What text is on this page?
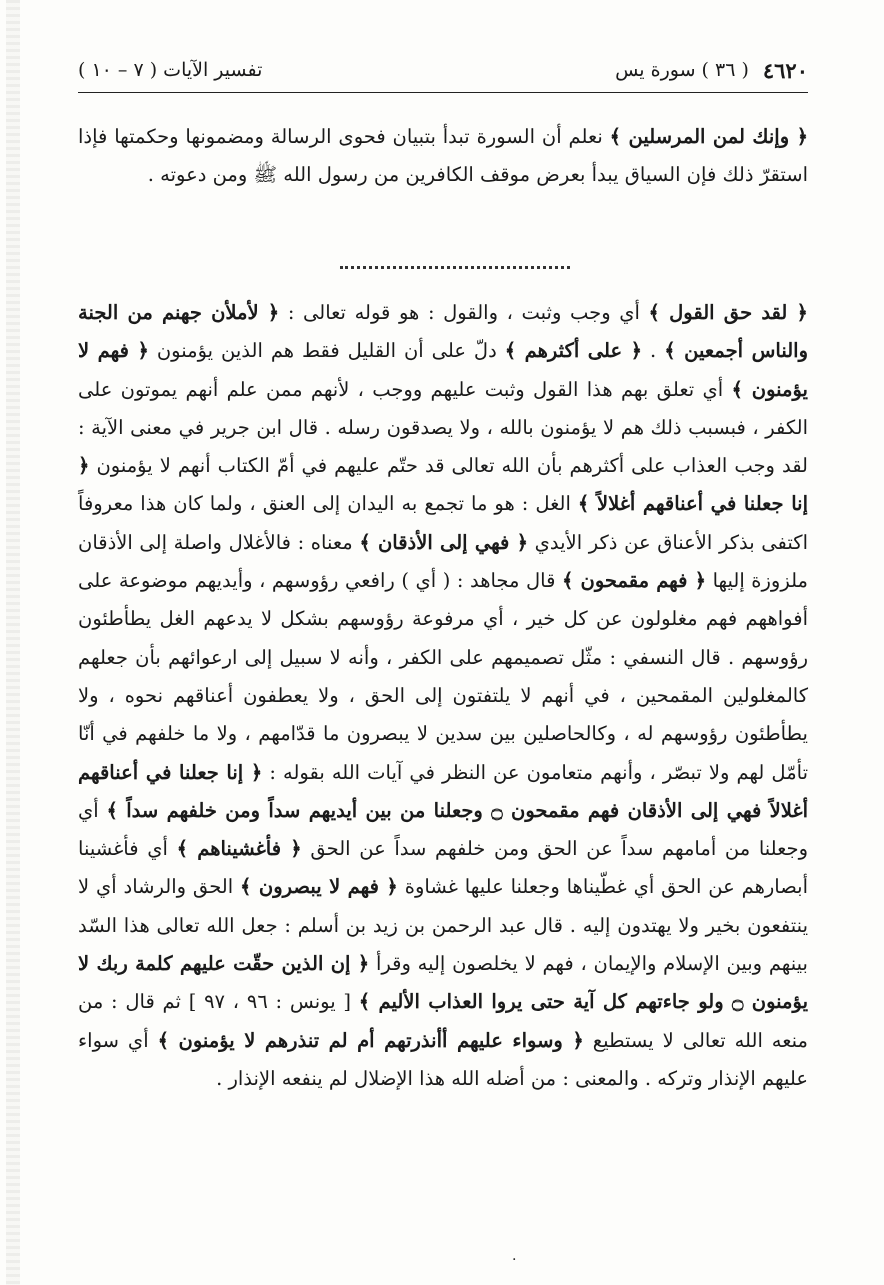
٤٦٢٠
( ٣٦ ) سورة يس
تفسير الآيات ( ٧ – ١٠ )
﴿ وإنك لمن المرسلين ﴾ نعلم أن السورة تبدأ بتبيان فحوى الرسالة ومضمونها وحكمتها فإذا استقرّ ذلك فإن السياق يبدأ بعرض موقف الكافرين من رسول الله ﷺ ومن دعوته .
﴿ لقد حق القول ﴾ أي وجب وثبت ، والقول : هو قوله تعالى : ﴿ لأملأن جهنم من الجنة والناس أجمعين ﴾ . ﴿ على أكثرهم ﴾ دلّ على أن القليل فقط هم الذين يؤمنون ﴿ فهم لا يؤمنون ﴾ أي تعلق بهم هذا القول وثبت عليهم ووجب ، لأنهم ممن علم أنهم يموتون على الكفر ، فبسبب ذلك هم لا يؤمنون بالله ، ولا يصدقون رسله . قال ابن جرير في معنى الآية : لقد وجب العذاب على أكثرهم بأن الله تعالى قد حتّم عليهم في أمّ الكتاب أنهم لا يؤمنون ﴿ إنا جعلنا في أعناقهم أغلالاً ﴾ الغل : هو ما تجمع به اليدان إلى العنق ، ولما كان هذا معروفاً اكتفى بذكر الأعناق عن ذكر الأيدي ﴿ فهي إلى الأذقان ﴾ معناه : فالأغلال واصلة إلى الأذقان ملزوزة إليها ﴿ فهم مقمحون ﴾ قال مجاهد : ( أي ) رافعي رؤوسهم ، وأيديهم موضوعة على أفواههم فهم مغلولون عن كل خير ، أي مرفوعة رؤوسهم بشكل لا يدعهم الغل يطأطئون رؤوسهم . قال النسفي : مثّل تصميمهم على الكفر ، وأنه لا سبيل إلى ارعوائهم بأن جعلهم كالمغلولين المقمحين ، في أنهم لا يلتفتون إلى الحق ، ولا يعطفون أعناقهم نحوه ، ولا يطأطئون رؤوسهم له ، وكالحاصلين بين سدين لا يبصرون ما قدّامهم ، ولا ما خلفهم في أنّا تأمّل لهم ولا تبصّر ، وأنهم متعامون عن النظر في آيات الله بقوله : ﴿ إنا جعلنا في أعناقهم أغلالاً فهي إلى الأذقان فهم مقمحون ۝ وجعلنا من بين أيديهم سداً ومن خلفهم سداً ﴾ أي وجعلنا من أمامهم سداً عن الحق ومن خلفهم سداً عن الحق ﴿ فأغشيناهم ﴾ أي فأغشينا أبصارهم عن الحق أي غطّيناها وجعلنا عليها غشاوة ﴿ فهم لا يبصرون ﴾ الحق والرشاد أي لا ينتفعون بخير ولا يهتدون إليه . قال عبد الرحمن بن زيد بن أسلم : جعل الله تعالى هذا السّد بينهم وبين الإسلام والإيمان ، فهم لا يخلصون إليه وقرأ ﴿ إن الذين حقّت عليهم كلمة ربك لا يؤمنون ۝ ولو جاءتهم كل آية حتى يروا العذاب الأليم ﴾ [ يونس : ٩٦ ، ٩٧ ] ثم قال : من منعه الله تعالى لا يستطيع ﴿ وسواء عليهم أأنذرتهم أم لم تنذرهم لا يؤمنون ﴾ أي سواء عليهم الإنذار وتركه . والمعنى : من أضله الله هذا الإضلال لم ينفعه الإنذار .
.
